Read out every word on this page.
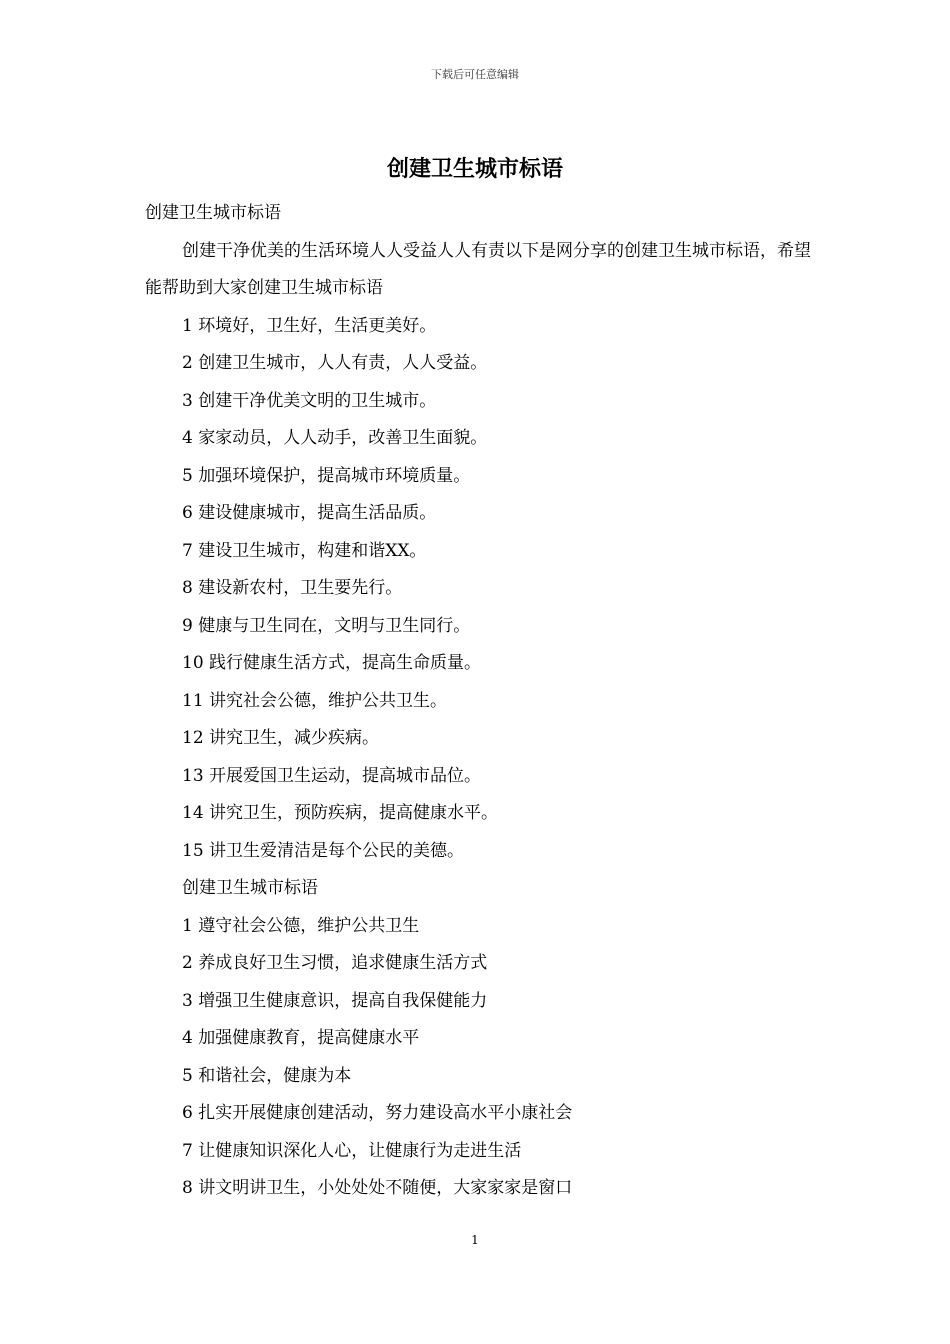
下载后可任意编辑
创建卫生城市标语

创建卫生城市标语

创建干净优美的生活环境人人受益人人有责以下是网分享的创建卫生城市标语，希望能帮助到大家创建卫生城市标语

1 环境好，卫生好，生活更美好。

2 创建卫生城市，人人有责，人人受益。

3 创建干净优美文明的卫生城市。

4 家家动员，人人动手，改善卫生面貌。

5 加强环境保护，提高城市环境质量。

6 建设健康城市，提高生活品质。

7 建设卫生城市，构建和谐XX。

8 建设新农村，卫生要先行。

9 健康与卫生同在，文明与卫生同行。

10 践行健康生活方式，提高生命质量。

11 讲究社会公德，维护公共卫生。

12 讲究卫生，减少疾病。

13 开展爱国卫生运动，提高城市品位。

14 讲究卫生，预防疾病，提高健康水平。

15 讲卫生爱清洁是每个公民的美德。

创建卫生城市标语

1 遵守社会公德，维护公共卫生

2 养成良好卫生习惯，追求健康生活方式

3 增强卫生健康意识，提高自我保健能力

4 加强健康教育，提高健康水平

5 和谐社会，健康为本

6 扎实开展健康创建活动，努力建设高水平小康社会

7 让健康知识深化人心，让健康行为走进生活

8 讲文明讲卫生，小处处处不随便，大家家家是窗口

1
